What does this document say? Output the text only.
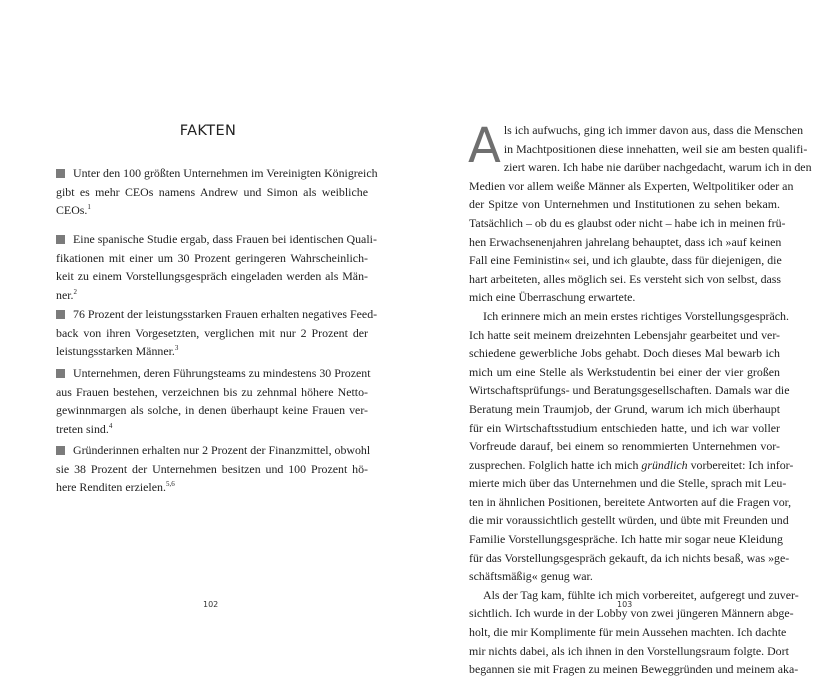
FAKTEN
Unter den 100 größten Unternehmen im Vereinigten Königreich
gibt es mehr CEOs namens Andrew und Simon als weibliche
CEOs.$^1$
Eine spanische Studie ergab, dass Frauen bei identischen Quali-
fikationen mit einer um 30 Prozent geringeren Wahrscheinlich-
keit zu einem Vorstellungsgespräch eingeladen werden als Män-
ner.$^2$
76 Prozent der leistungsstarken Frauen erhalten negatives Feed-
back von ihren Vorgesetzten, verglichen mit nur 2 Prozent der
leistungsstarken Männer.$^3$
Unternehmen, deren Führungsteams zu mindestens 30 Prozent
aus Frauen bestehen, verzeichnen bis zu zehnmal höhere Netto-
gewinnmargen als solche, in denen überhaupt keine Frauen ver-
treten sind.$^4$
Gründerinnen erhalten nur 2 Prozent der Finanzmittel, obwohl
sie 38 Prozent der Unternehmen besitzen und 100 Prozent hö-
here Renditen erzielen.$^{5,6}$
102
A ls ich aufwuchs, ging ich immer davon aus, dass die Menschen
in Machtpositionen diese innehatten, weil sie am besten qualifi-
ziert waren. Ich habe nie darüber nachgedacht, warum ich in den
Medien vor allem weiße Männer als Experten, Weltpolitiker oder an
der Spitze von Unternehmen und Institutionen zu sehen bekam.
Tatsächlich – ob du es glaubst oder nicht – habe ich in meinen frü-
hen Erwachsenenjahren jahrelang behauptet, dass ich »auf keinen
Fall eine Feministin« sei, und ich glaubte, dass für diejenigen, die
hart arbeiteten, alles möglich sei. Es versteht sich von selbst, dass
mich eine Überraschung erwartete.
Ich erinnere mich an mein erstes richtiges Vorstellungsgespräch.
Ich hatte seit meinem dreizehnten Lebensjahr gearbeitet und ver-
schiedene gewerbliche Jobs gehabt. Doch dieses Mal bewarb ich
mich um eine Stelle als Werkstudentin bei einer der vier großen
Wirtschaftsprüfungs- und Beratungsgesellschaften. Damals war die
Beratung mein Traumjob, der Grund, warum ich mich überhaupt
für ein Wirtschaftsstudium entschieden hatte, und ich war voller
Vorfreude darauf, bei einem so renommierten Unternehmen vor-
zusprechen. Folglich hatte ich mich gründlich vorbereitet: Ich infor-
mierte mich über das Unternehmen und die Stelle, sprach mit Leu-
ten in ähnlichen Positionen, bereitete Antworten auf die Fragen vor,
die mir voraussichtlich gestellt würden, und übte mit Freunden und
Familie Vorstellungsgespräche. Ich hatte mir sogar neue Kleidung
für das Vorstellungsgespräch gekauft, da ich nichts besaß, was »ge-
schäftsmäßig« genug war.
Als der Tag kam, fühlte ich mich vorbereitet, aufgeregt und zuver-
sichtlich. Ich wurde in der Lobby von zwei jüngeren Männern abge-
holt, die mir Komplimente für mein Aussehen machten. Ich dachte
mir nichts dabei, als ich ihnen in den Vorstellungsraum folgte. Dort
begannen sie mit Fragen zu meinen Beweggründen und meinem aka-
103
